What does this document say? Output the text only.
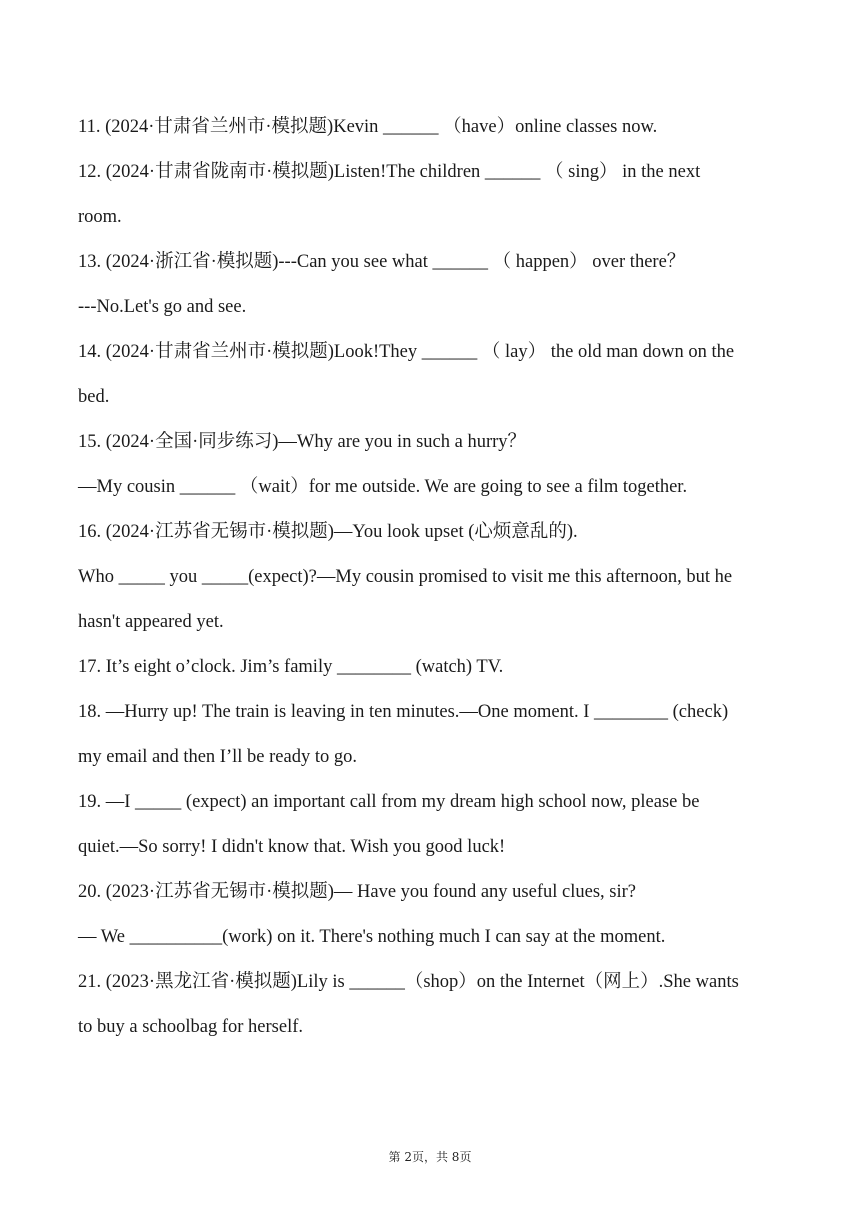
11. (2024·甘肃省兰州市·模拟题)Kevin ______ （have）online classes now.
12. (2024·甘肃省陇南市·模拟题)Listen!The children ______ （ sing） in the next
room.
13. (2024·浙江省·模拟题)---Can you see what ______ （ happen） over there？
---No.Let's go and see.
14. (2024·甘肃省兰州市·模拟题)Look!They ______ （ lay） the old man down on the
bed.
15. (2024·全国·同步练习)—Why are you in such a hurry？
—My cousin ______ （wait）for me outside. We are going to see a film together.
16. (2024·江苏省无锡市·模拟题)—You look upset (心烦意乱的).
Who _____ you _____(expect)?—My cousin promised to visit me this afternoon, but he
hasn't appeared yet.
17. It’s eight o’clock. Jim’s family ________ (watch) TV.
18. —Hurry up! The train is leaving in ten minutes.—One moment. I ________ (check)
my email and then I’ll be ready to go.
19. —I _____ (expect) an important call from my dream high school now, please be
quiet.—So sorry! I didn't know that. Wish you good luck!
20. (2023·江苏省无锡市·模拟题)— Have you found any useful clues, sir?
— We __________(work) on it. There's nothing much I can say at the moment.
21. (2023·黑龙江省·模拟题)Lily is ______（shop）on the Internet（网上）.She wants
to buy a schoolbag for herself.
第 2页，共 8页
